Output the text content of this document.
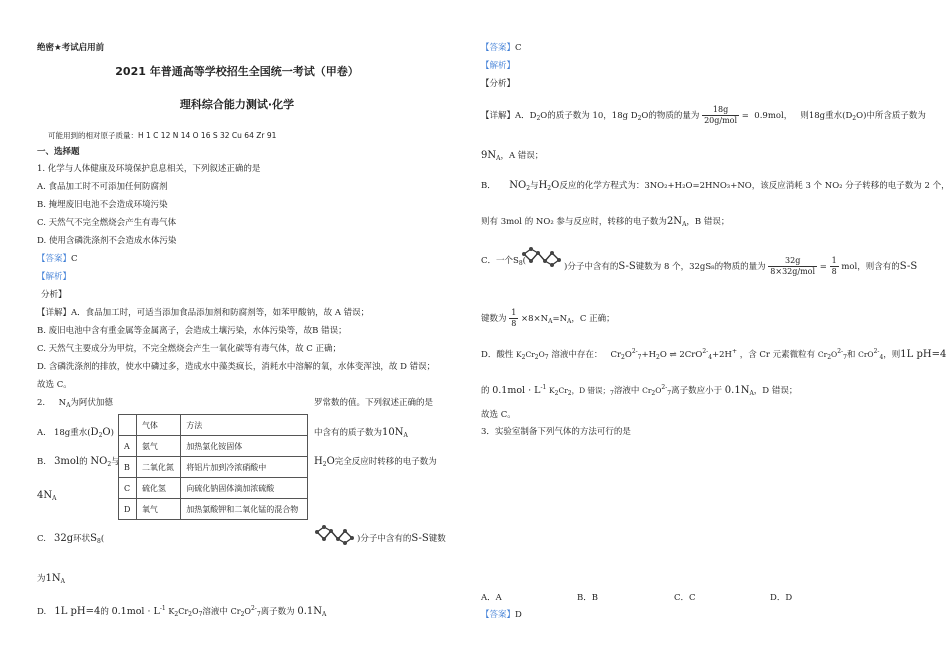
绝密★考试启用前
2021 年普通高等学校招生全国统一考试（甲卷）
理科综合能力测试·化学
可能用到的相对原子质量：H 1 C 12 N 14 O 16 S 32 Cu 64 Zr 91
一、选择题
1. 化学与人体健康及环境保护息息相关，下列叙述正确的是
A. 食品加工时不可添加任何防腐剂
B. 掩埋废旧电池不会造成环境污染
C. 天然气不完全燃烧会产生有毒气体
D. 使用含磷洗涤剂不会造成水体污染
【答案】C
【解析】
分析】
【详解】A．食品加工时，可适当添加食品添加剂和防腐剂等，如苯甲酸钠，故 A 错误；
B. 废旧电池中含有重金属等金属离子，会造成土壤污染，水体污染等，故B 错误；
C. 天然气主要成分为甲烷，不完全燃烧会产生一氧化碳等有毒气体，故 C 正确；
D. 含磷洗涤剂的排放，使水中磷过多，造成水中藻类疯长，消耗水中溶解的氧，水体变浑浊，故 D 错误；
故选 C。
2. $N_A$为阿伏加德	罗常数的值。下列叙述正确的是
A. 18g重水$(D_2O)$	中含有的质子数为$10N_A$
B. 3mol的 $NO_2$与	$H_2O$完全反应时转移的电子数为
$4N_A$
C. 32g环状$S_8$(	)分子中含有的S-S键数
为$1N_A$
D. 1L pH=4的 $0.1mol \cdot L^{-1}$ $K_2Cr_2O_7$溶液中 $Cr_2O^{2-}_7$离子数为 $0.1N_A$
	气体	方法
A	氨气	加热氯化铵固体
B	二氧化氮	将铝片加到冷浓硝酸中
C	硫化氢	向硫化钠固体滴加浓硫酸
D	氧气	加热氯酸钾和二氧化锰的混合物
【答案】C
【解析】
【分析】
【详解】A．$D_2O$的质子数为 10，18g $D_2O$的物质的量为 $\frac{18g}{\text{20g/mol}} = 0.9mol$， 则18g重水$(D_2O)$中所含质子数为
$9N_A$，A 错误；
B． $NO_2$与$H_2O$反应的化学方程式为：3NO₂+H₂O=2HNO₃+NO，该反应消耗 3 个 NO₂ 分子转移的电子数为 2 个，
则有 3mol 的 NO₂ 参与反应时，转移的电子数为$2N_A$，B 错误；
C．一个$S_8$(
)分子中含有的S-S键数为 8 个，32gS₈的物质的量为 $\frac{32g}{\text{8×32g/mol}} = \frac{1}{8}$ mol，则含有的S-S
键数为 $\frac{1}{8} \times 8\times N_A=N_A$，C 正确；
D．酸性 $K_2Cr_2O_7$ 溶液中存在： $Cr_2O^{2-}_7+H_2O$ ⇌ 2CrO$^{2-}_4$+2H+ ，含 Cr 元素微粒有 $Cr_2O^{2-}_7$和 CrO$^{2-}_4$，则1L pH=4
的 $0.1mol \cdot L^{-1}$ $K_2Cr_2$，D 错误；$_7$溶液中 $Cr_2O^{2-}_7$离子数应小于 $0.1N_A$，D 错误；
故选 C。
3．实验室制备下列气体的方法可行的是
A．A	B．B	C．C	D．D
【答案】D
